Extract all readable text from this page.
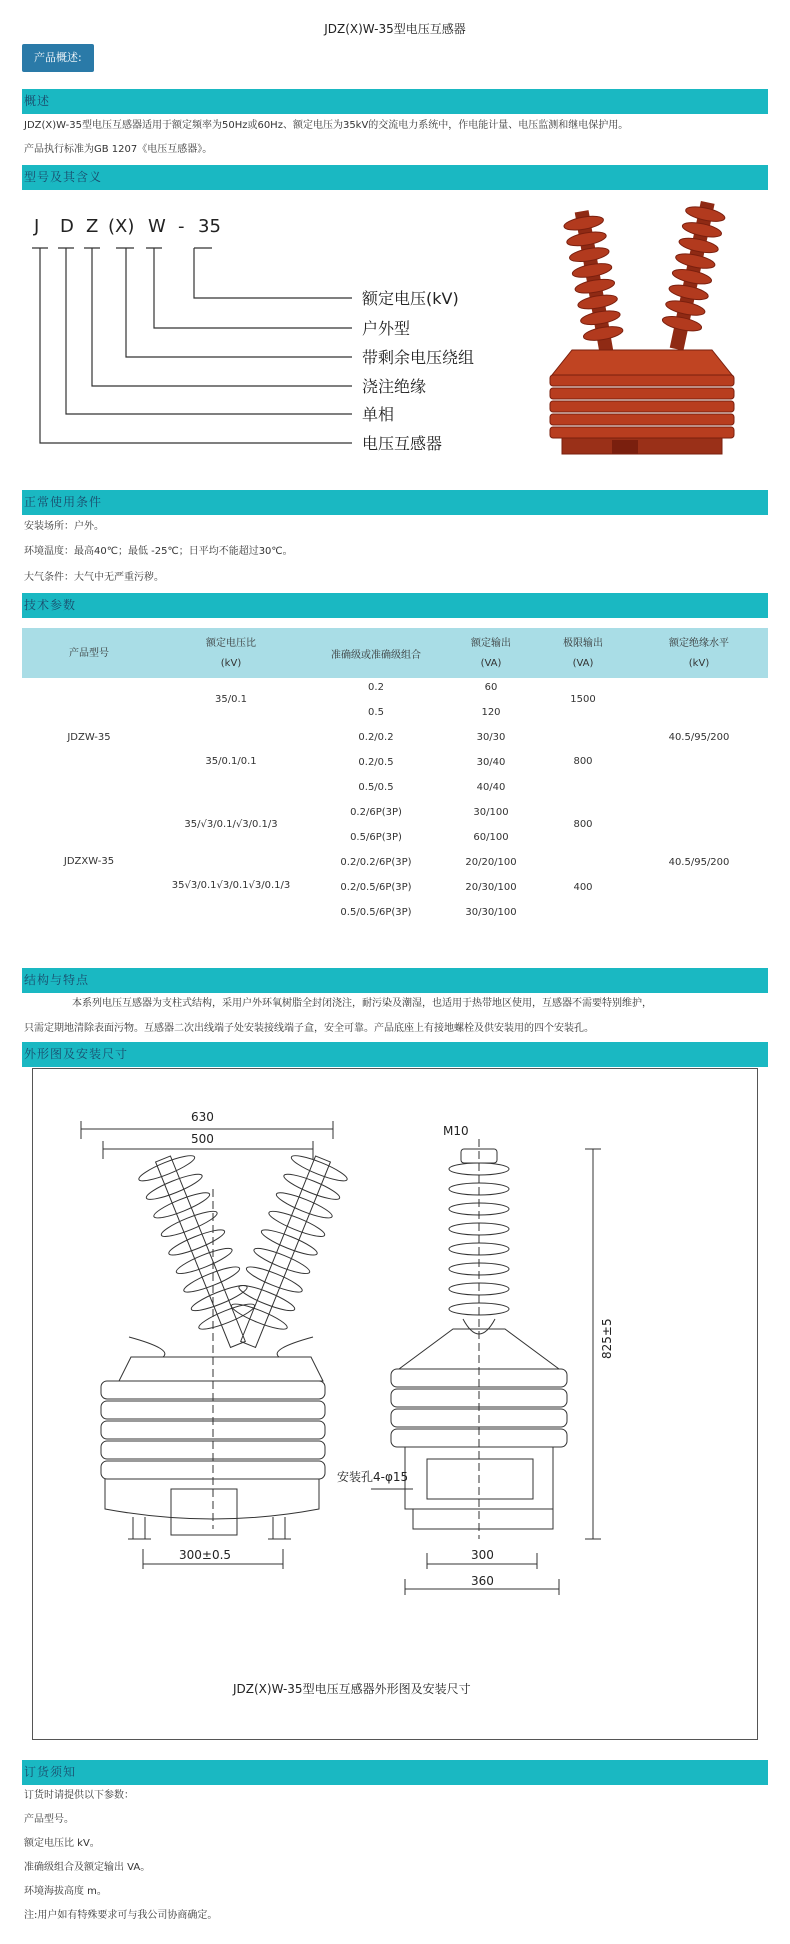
JDZ(X)W-35型电压互感器
产品概述:
概述
JDZ(X)W-35型电压互感器适用于额定频率为50Hz或60Hz、额定电压为35kV的交流电力系统中，作电能计量、电压监测和继电保护用。
产品执行标准为GB 1207《电压互感器》。
型号及其含义
J D Z (X) W - 35
额定电压(kV)
户外型
带剩余电压绕组
浇注绝缘
单相
电压互感器
正常使用条件
安装场所：户外。
环境温度：最高40℃；最低 -25℃；日平均不能超过30℃。
大气条件：大气中无严重污秽。
技术参数
产品型号
额定电压比
(kV)
准确级或准确级组合
额定输出
(VA)
极限输出
(VA)
额定绝缘水平
(kV)
JDZW-35
JDZXW-35
35/0.1
35/0.1/0.1
35/√3/0.1/√3/0.1/3
35√3/0.1√3/0.1√3/0.1/3
0.2
0.5
0.2/0.2
0.2/0.5
0.5/0.5
0.2/6P(3P)
0.5/6P(3P)
0.2/0.2/6P(3P)
0.2/0.5/6P(3P)
0.5/0.5/6P(3P)
60
120
30/30
30/40
40/40
30/100
60/100
20/20/100
20/30/100
30/30/100
1500
800
800
400
40.5/95/200
40.5/95/200
结构与特点
本系列电压互感器为支柱式结构，采用户外环氧树脂全封闭浇注，耐污染及潮湿，也适用于热带地区使用，互感器不需要特别维护，
只需定期地清除表面污物。互感器二次出线端子处安装接线端子盒，安全可靠。产品底座上有接地螺栓及供安装用的四个安装孔。
外形图及安装尺寸
630
500
300±0.5
M10
825±5
安装孔4-φ15
300
360
JDZ(X)W-35型电压互感器外形图及安装尺寸
订货须知
订货时请提供以下参数：
产品型号。
额定电压比 kV。
准确级组合及额定输出 VA。
环境海拔高度 m。
注:用户如有特殊要求可与我公司协商确定。
